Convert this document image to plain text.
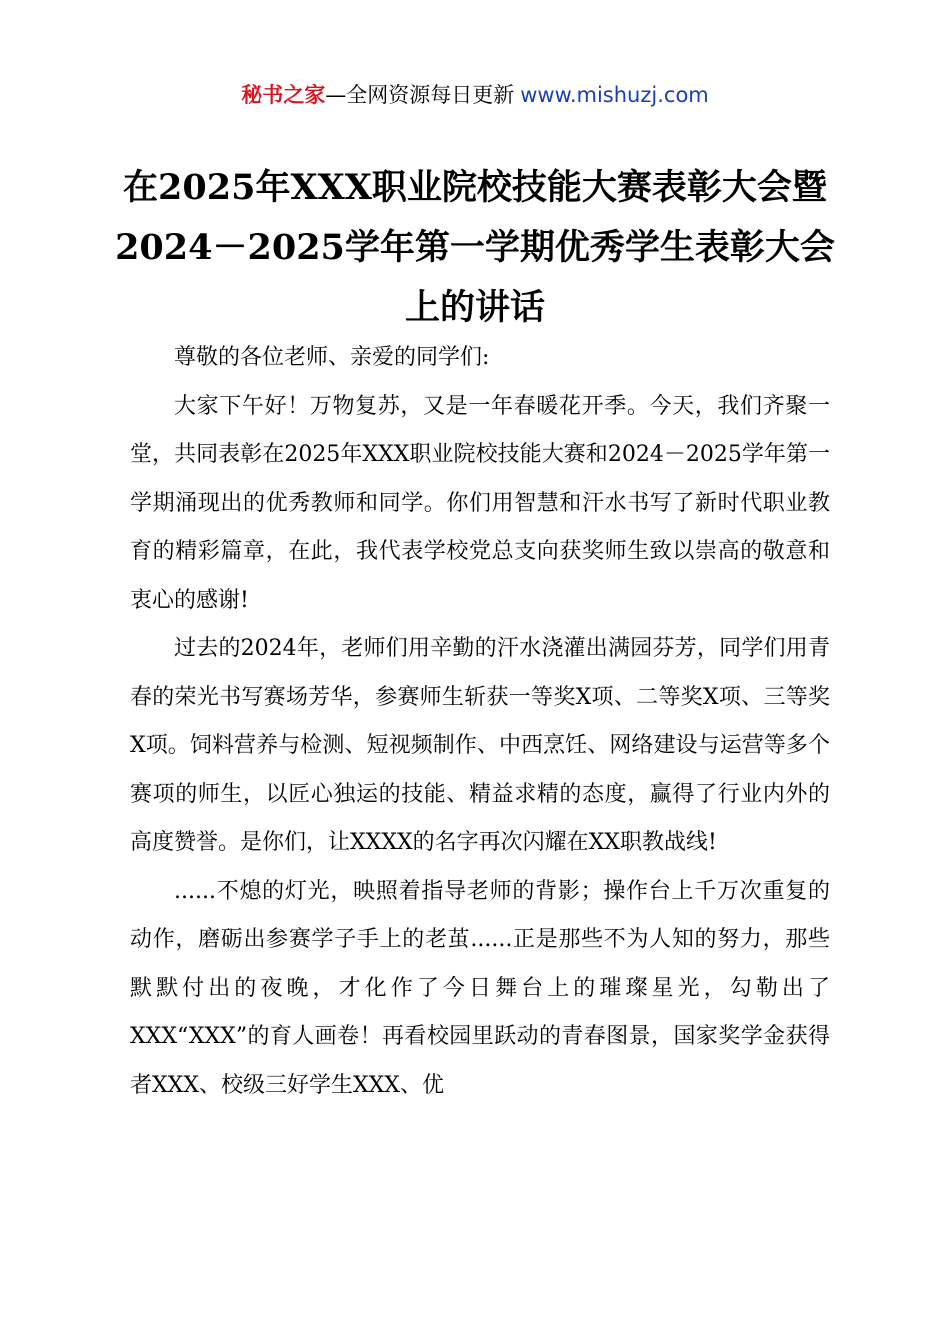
秘书之家—全网资源每日更新 www.mishuzj.com
在2025年XXX职业院校技能大赛表彰大会暨
2024－2025学年第一学期优秀学生表彰大会
上的讲话

尊敬的各位老师、亲爱的同学们:

大家下午好！万物复苏，又是一年春暖花开季。今天，我们齐聚一堂，共同表彰在2025年XXX职业院校技能大赛和2024－2025学年第一学期涌现出的优秀教师和同学。你们用智慧和汗水书写了新时代职业教育的精彩篇章，在此，我代表学校党总支向获奖师生致以崇高的敬意和衷心的感谢!

过去的2024年，老师们用辛勤的汗水浇灌出满园芬芳，同学们用青春的荣光书写赛场芳华，参赛师生斩获一等奖X项、二等奖X项、三等奖X项。饲料营养与检测、短视频制作、中西烹饪、网络建设与运营等多个赛项的师生，以匠心独运的技能、精益求精的态度，赢得了行业内外的高度赞誉。是你们，让XXXX的名字再次闪耀在XX职教战线!

......不熄的灯光，映照着指导老师的背影；操作台上千万次重复的动作，磨砺出参赛学子手上的老茧......正是那些不为人知的努力，那些默默付出的夜晚，才化作了今日舞台上的璀璨星光，勾勒出了XXX“XXX”的育人画卷！再看校园里跃动的青春图景，国家奖学金获得者XXX、校级三好学生XXX、优
